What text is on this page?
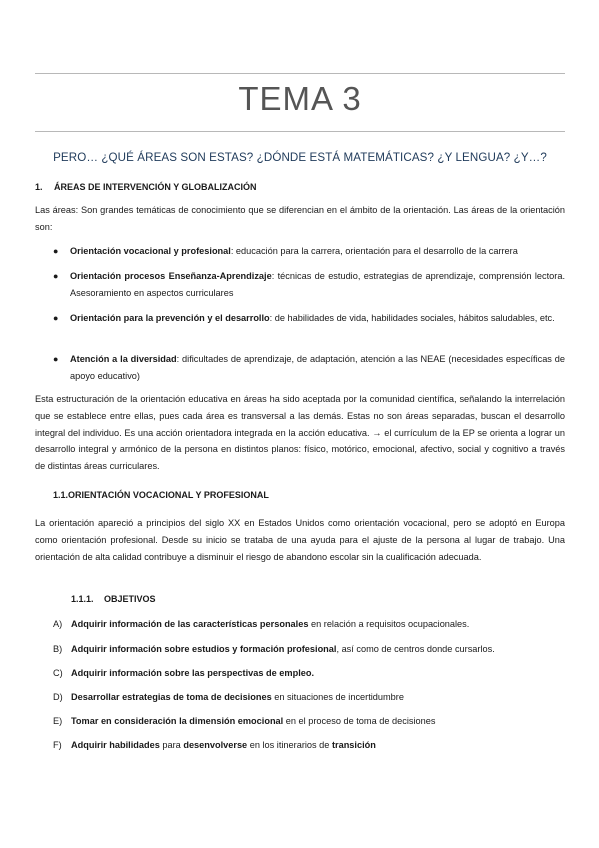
TEMA 3
PERO… ¿QUÉ ÁREAS SON ESTAS? ¿DÓNDE ESTÁ MATEMÁTICAS? ¿Y LENGUA? ¿Y…?
1. ÁREAS DE INTERVENCIÓN Y GLOBALIZACIÓN
Las áreas: Son grandes temáticas de conocimiento que se diferencian en el ámbito de la orientación. Las áreas de la orientación son:
● Orientación vocacional y profesional: educación para la carrera, orientación para el desarrollo de la carrera
● Orientación procesos Enseñanza-Aprendizaje: técnicas de estudio, estrategias de aprendizaje, comprensión lectora. Asesoramiento en aspectos curriculares
● Orientación para la prevención y el desarrollo: de habilidades de vida, habilidades sociales, hábitos saludables, etc.
● Atención a la diversidad: dificultades de aprendizaje, de adaptación, atención a las NEAE (necesidades específicas de apoyo educativo)
Esta estructuración de la orientación educativa en áreas ha sido aceptada por la comunidad científica, señalando la interrelación que se establece entre ellas, pues cada área es transversal a las demás. Estas no son áreas separadas, buscan el desarrollo integral del individuo. Es una acción orientadora integrada en la acción educativa. → el currículum de la EP se orienta a lograr un desarrollo integral y armónico de la persona en distintos planos: físico, motórico, emocional, afectivo, social y cognitivo a través de distintas áreas curriculares.
1.1.ORIENTACIÓN VOCACIONAL Y PROFESIONAL
La orientación apareció a principios del siglo XX en Estados Unidos como orientación vocacional, pero se adoptó en Europa como orientación profesional. Desde su inicio se trataba de una ayuda para el ajuste de la persona al lugar de trabajo. Una orientación de alta calidad contribuye a disminuir el riesgo de abandono escolar sin la cualificación adecuada.
1.1.1. OBJETIVOS
A) Adquirir información de las características personales en relación a requisitos ocupacionales.
B) Adquirir información sobre estudios y formación profesional, así como de centros donde cursarlos.
C) Adquirir información sobre las perspectivas de empleo.
D) Desarrollar estrategias de toma de decisiones en situaciones de incertidumbre
E) Tomar en consideración la dimensión emocional en el proceso de toma de decisiones
F) Adquirir habilidades para desenvolverse en los itinerarios de transición
